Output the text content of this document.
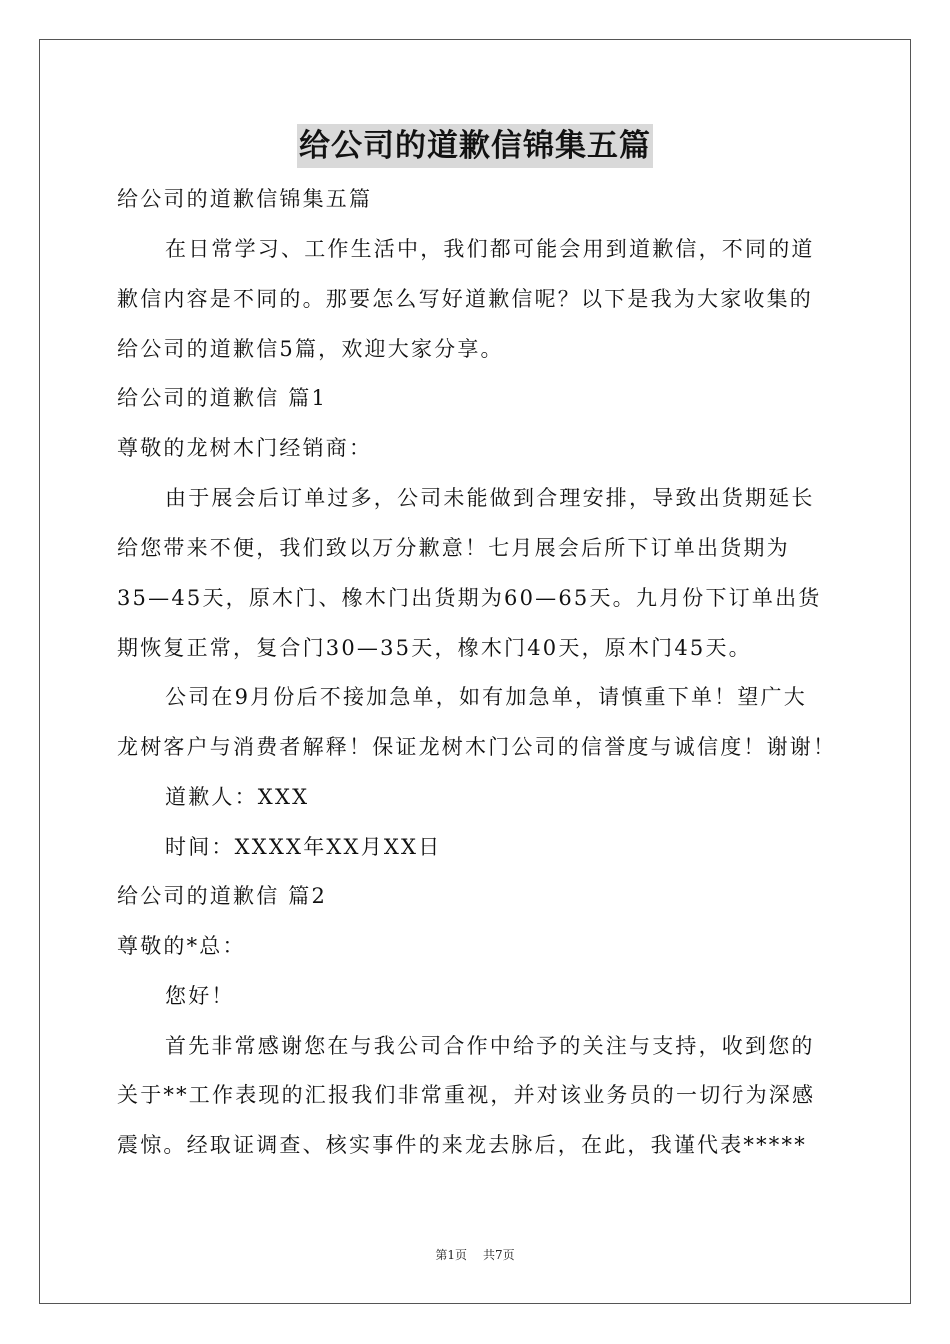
给公司的道歉信锦集五篇
给公司的道歉信锦集五篇
在日常学习、工作生活中，我们都可能会用到道歉信，不同的道
歉信内容是不同的。那要怎么写好道歉信呢？以下是我为大家收集的
给公司的道歉信5篇，欢迎大家分享。
给公司的道歉信 篇1
尊敬的龙树木门经销商：
由于展会后订单过多，公司未能做到合理安排，导致出货期延长
给您带来不便，我们致以万分歉意！七月展会后所下订单出货期为
35—45天，原木门、橡木门出货期为60—65天。九月份下订单出货
期恢复正常，复合门30—35天，橡木门40天，原木门45天。
公司在9月份后不接加急单，如有加急单，请慎重下单！望广大
龙树客户与消费者解释！保证龙树木门公司的信誉度与诚信度！谢谢！
道歉人：XXX
时间：XXXX年XX月XX日
给公司的道歉信 篇2
尊敬的*总：
您好！
首先非常感谢您在与我公司合作中给予的关注与支持，收到您的
关于**工作表现的汇报我们非常重视，并对该业务员的一切行为深感
震惊。经取证调查、核实事件的来龙去脉后，在此，我谨代表*****
第1页 共7页
